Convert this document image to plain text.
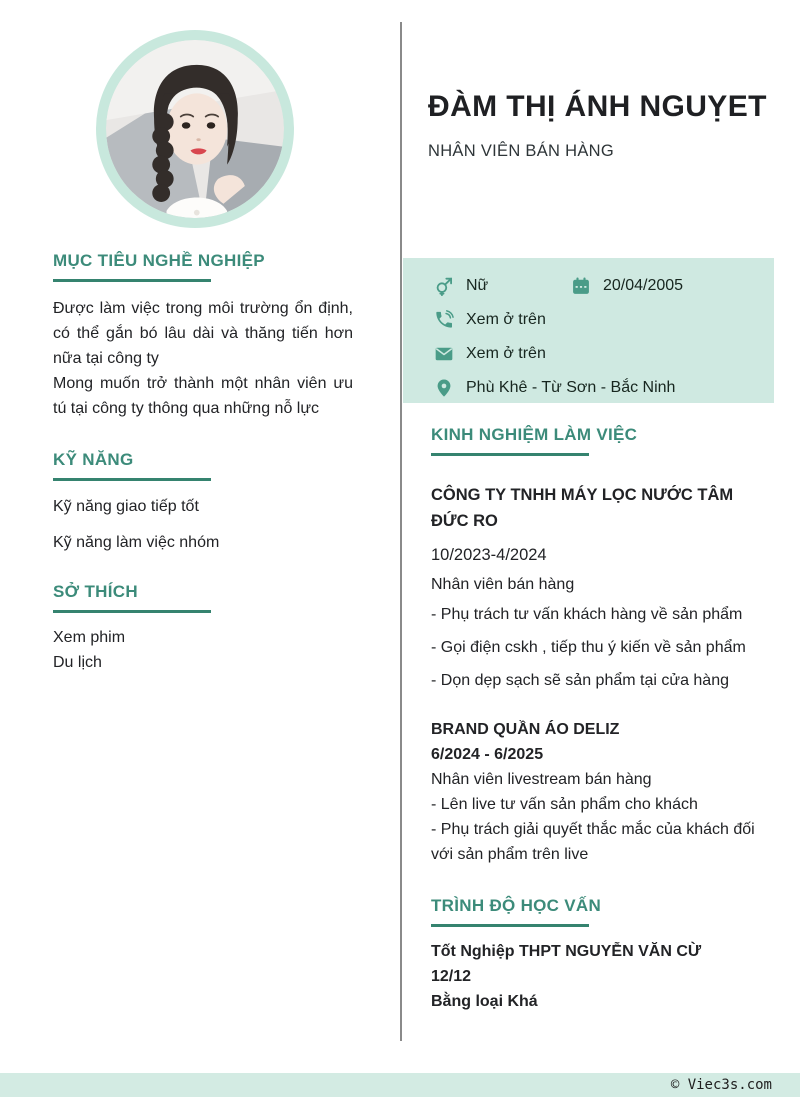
ĐÀM THỊ ÁNH NGUỴET
NHÂN VIÊN BÁN HÀNG
Nữ	20/04/2005
Xem ở trên
Xem ở trên
Phù Khê - Từ Sơn - Bắc Ninh
MỤC TIÊU NGHỀ NGHIỆP

Được làm việc trong môi trường ổn định, có thể gắn bó lâu dài và thăng tiến hơn nữa tại công ty

Mong muốn trở thành một nhân viên ưu tú tại công ty thông qua những nỗ lực

KỸ NĂNG
Kỹ năng giao tiếp tốt
Kỹ năng làm việc nhóm
SỞ THÍCH
Xem phim
Du lịch
KINH NGHIỆM LÀM VIỆC
CÔNG TY TNHH MÁY LỌC NƯỚC TÂM ĐỨC RO
10/2023-4/2024
Nhân viên bán hàng

- Phụ trách tư vấn khách hàng về sản phẩm

- Gọi điện cskh , tiếp thu ý kiến về sản phẩm

- Dọn dẹp sạch sẽ sản phẩm tại cửa hàng

BRAND QUẦN ÁO DELIZ
6/2024 - 6/2025
Nhân viên livestream bán hàng
- Lên live tư vấn sản phẩm cho khách
- Phụ trách giải quyết thắc mắc của khách đối với sản phẩm trên live
TRÌNH ĐỘ HỌC VẤN
Tốt Nghiệp THPT NGUYỄN VĂN CỪ
12/12
Bằng loại Khá
© Viec3s.com
